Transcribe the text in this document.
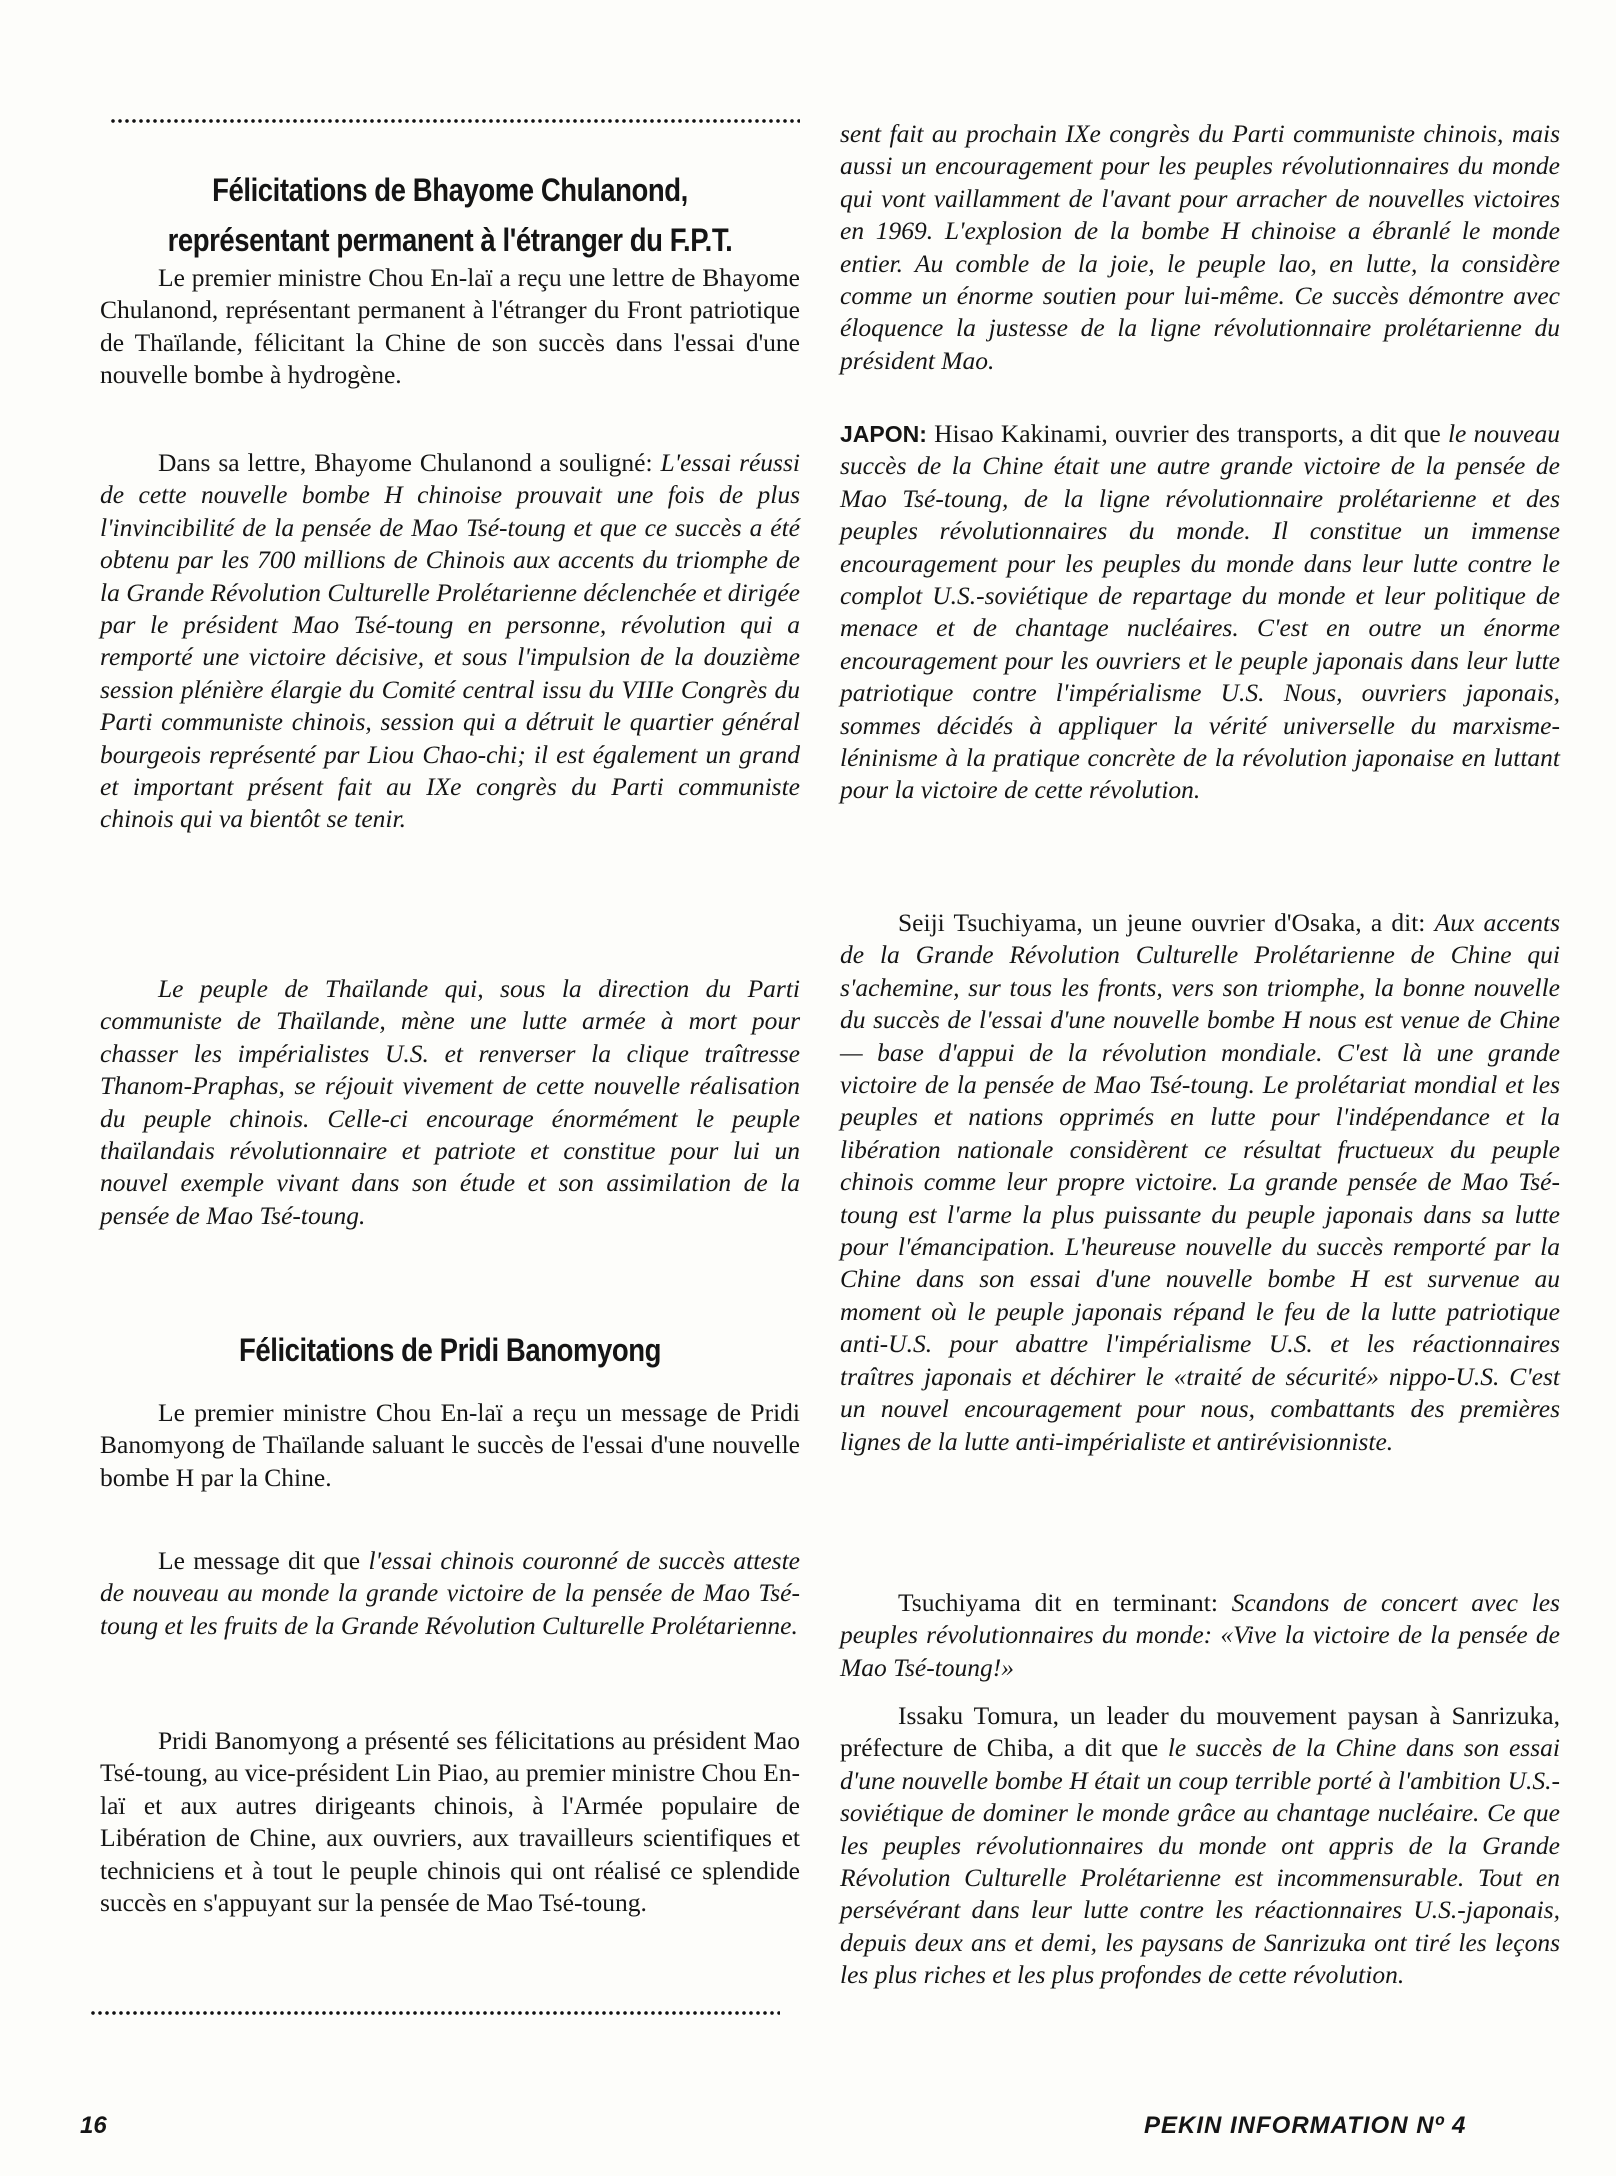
Félicitations de Bhayome Chulanond, représentant permanent à l'étranger du F.P.T.

Le premier ministre Chou En-laï a reçu une lettre de Bhayome Chulanond, représentant permanent à l'étranger du Front patriotique de Thaïlande, félicitant la Chine de son succès dans l'essai d'une nouvelle bombe à hydrogène.

Dans sa lettre, Bhayome Chulanond a souligné: L'essai réussi de cette nouvelle bombe H chinoise prouvait une fois de plus l'invincibilité de la pensée de Mao Tsé-toung et que ce succès a été obtenu par les 700 millions de Chinois aux accents du triomphe de la Grande Révolution Culturelle Prolétarienne déclenchée et dirigée par le président Mao Tsé-toung en personne, révolution qui a remporté une victoire décisive, et sous l'impulsion de la douzième session plénière élargie du Comité central issu du VIIIe Congrès du Parti communiste chinois, session qui a détruit le quartier général bourgeois représenté par Liou Chao-chi; il est également un grand et important présent fait au IXe congrès du Parti communiste chinois qui va bientôt se tenir.

Le peuple de Thaïlande qui, sous la direction du Parti communiste de Thaïlande, mène une lutte armée à mort pour chasser les impérialistes U.S. et renverser la clique traîtresse Thanom-Praphas, se réjouit vivement de cette nouvelle réalisation du peuple chinois. Celle-ci encourage énormément le peuple thaïlandais révolutionnaire et patriote et constitue pour lui un nouvel exemple vivant dans son étude et son assimilation de la pensée de Mao Tsé-toung.

Félicitations de Pridi Banomyong

Le premier ministre Chou En-laï a reçu un message de Pridi Banomyong de Thaïlande saluant le succès de l'essai d'une nouvelle bombe H par la Chine.

Le message dit que l'essai chinois couronné de succès atteste de nouveau au monde la grande victoire de la pensée de Mao Tsé-toung et les fruits de la Grande Révolution Culturelle Prolétarienne.

Pridi Banomyong a présenté ses félicitations au président Mao Tsé-toung, au vice-président Lin Piao, au premier ministre Chou En-laï et aux autres dirigeants chinois, à l'Armée populaire de Libération de Chine, aux ouvriers, aux travailleurs scientifiques et techniciens et à tout le peuple chinois qui ont réalisé ce splendide succès en s'appuyant sur la pensée de Mao Tsé-toung.

sent fait au prochain IXe congrès du Parti communiste chinois, mais aussi un encouragement pour les peuples révolutionnaires du monde qui vont vaillamment de l'avant pour arracher de nouvelles victoires en 1969. L'explosion de la bombe H chinoise a ébranlé le monde entier. Au comble de la joie, le peuple lao, en lutte, la considère comme un énorme soutien pour lui-même. Ce succès démontre avec éloquence la justesse de la ligne révolutionnaire prolétarienne du président Mao.

JAPON: Hisao Kakinami, ouvrier des transports, a dit que le nouveau succès de la Chine était une autre grande victoire de la pensée de Mao Tsé-toung, de la ligne révolutionnaire prolétarienne et des peuples révolutionnaires du monde. Il constitue un immense encouragement pour les peuples du monde dans leur lutte contre le complot U.S.-soviétique de repartage du monde et leur politique de menace et de chantage nucléaires. C'est en outre un énorme encouragement pour les ouvriers et le peuple japonais dans leur lutte patriotique contre l'impérialisme U.S. Nous, ouvriers japonais, sommes décidés à appliquer la vérité universelle du marxisme-léninisme à la pratique concrète de la révolution japonaise en luttant pour la victoire de cette révolution.

Seiji Tsuchiyama, un jeune ouvrier d'Osaka, a dit: Aux accents de la Grande Révolution Culturelle Prolétarienne de Chine qui s'achemine, sur tous les fronts, vers son triomphe, la bonne nouvelle du succès de l'essai d'une nouvelle bombe H nous est venue de Chine — base d'appui de la révolution mondiale. C'est là une grande victoire de la pensée de Mao Tsé-toung. Le prolétariat mondial et les peuples et nations opprimés en lutte pour l'indépendance et la libération nationale considèrent ce résultat fructueux du peuple chinois comme leur propre victoire. La grande pensée de Mao Tsé-toung est l'arme la plus puissante du peuple japonais dans sa lutte pour l'émancipation. L'heureuse nouvelle du succès remporté par la Chine dans son essai d'une nouvelle bombe H est survenue au moment où le peuple japonais répand le feu de la lutte patriotique anti-U.S. pour abattre l'impérialisme U.S. et les réactionnaires traîtres japonais et déchirer le «traité de sécurité» nippo-U.S. C'est un nouvel encouragement pour nous, combattants des premières lignes de la lutte anti-impérialiste et antirévisionniste.

Tsuchiyama dit en terminant: Scandons de concert avec les peuples révolutionnaires du monde: «Vive la victoire de la pensée de Mao Tsé-toung!»

Issaku Tomura, un leader du mouvement paysan à Sanrizuka, préfecture de Chiba, a dit que le succès de la Chine dans son essai d'une nouvelle bombe H était un coup terrible porté à l'ambition U.S.-soviétique de dominer le monde grâce au chantage nucléaire. Ce que les peuples révolutionnaires du monde ont appris de la Grande Révolution Culturelle Prolétarienne est incommensurable. Tout en persévérant dans leur lutte contre les réactionnaires U.S.-japonais, depuis deux ans et demi, les paysans de Sanrizuka ont tiré les leçons les plus riches et les plus profondes de cette révolution.

16	PEKIN INFORMATION Nº 4
